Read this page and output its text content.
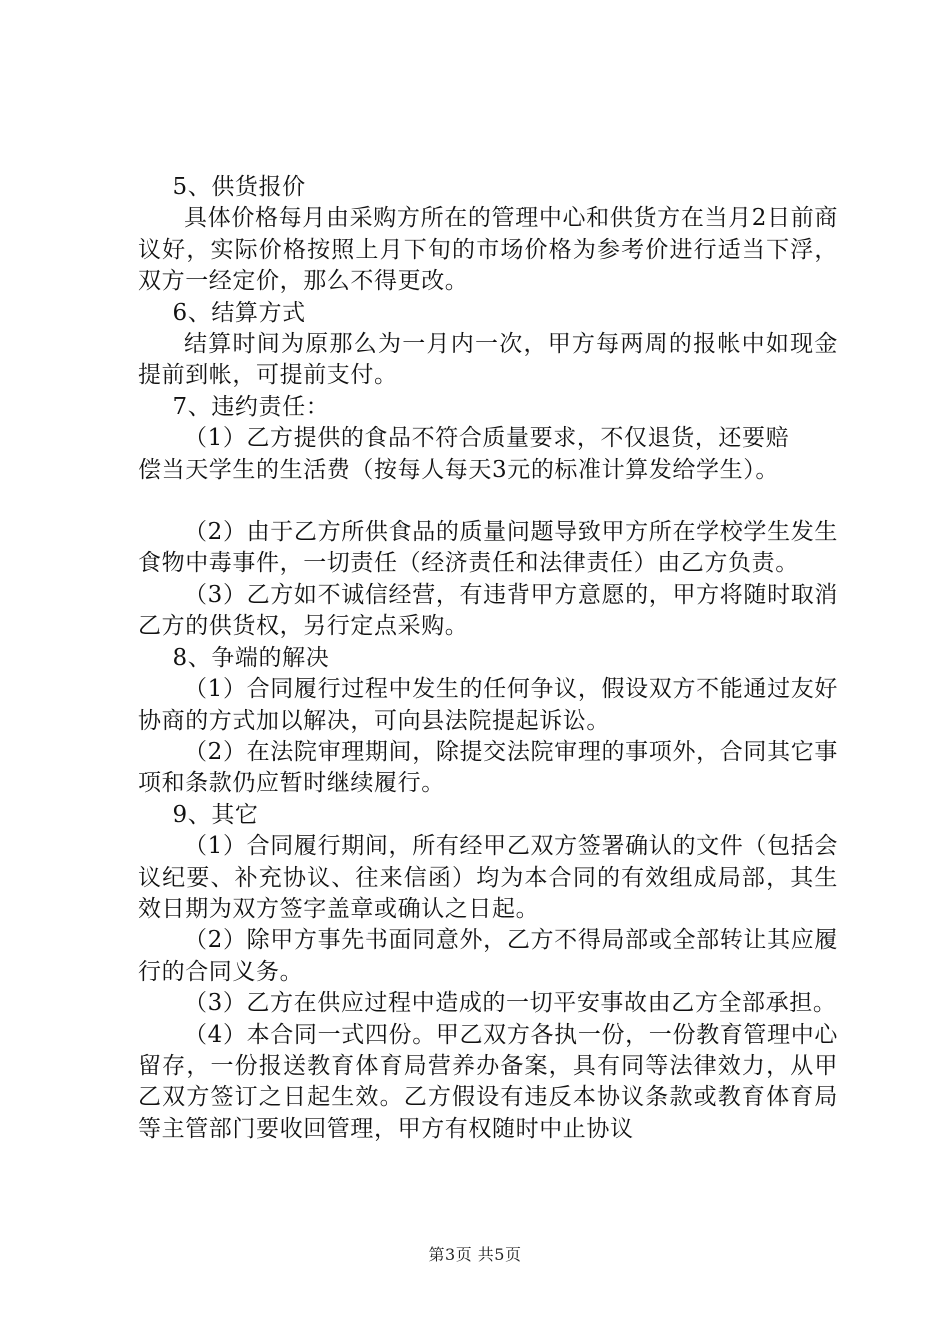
5、供货报价

具体价格每月由采购方所在的管理中心和供货方在当月2日前商议好，实际价格按照上月下旬的市场价格为参考价进行适当下浮，双方一经定价，那么不得更改。

6、结算方式

结算时间为原那么为一月内一次，甲方每两周的报帐中如现金提前到帐，可提前支付。

7、违约责任：

（1）乙方提供的食品不符合质量要求，不仅退货，还要赔

偿当天学生的生活费（按每人每天3元的标准计算发给学生）。

（2）由于乙方所供食品的质量问题导致甲方所在学校学生发生食物中毒事件，一切责任（经济责任和法律责任）由乙方负责。

（3）乙方如不诚信经营，有违背甲方意愿的，甲方将随时取消乙方的供货权，另行定点采购。

8、争端的解决

（1）合同履行过程中发生的任何争议，假设双方不能通过友好协商的方式加以解决，可向县法院提起诉讼。

（2）在法院审理期间，除提交法院审理的事项外，合同其它事项和条款仍应暂时继续履行。

9、其它

（1）合同履行期间，所有经甲乙双方签署确认的文件（包括会议纪要、补充协议、往来信函）均为本合同的有效组成局部，其生效日期为双方签字盖章或确认之日起。

（2）除甲方事先书面同意外，乙方不得局部或全部转让其应履行的合同义务。

（3）乙方在供应过程中造成的一切平安事故由乙方全部承担。

（4）本合同一式四份。甲乙双方各执一份，一份教育管理中心留存，一份报送教育体育局营养办备案，具有同等法律效力，从甲乙双方签订之日起生效。乙方假设有违反本协议条款或教育体育局等主管部门要收回管理，甲方有权随时中止协议

第3页 共5页
